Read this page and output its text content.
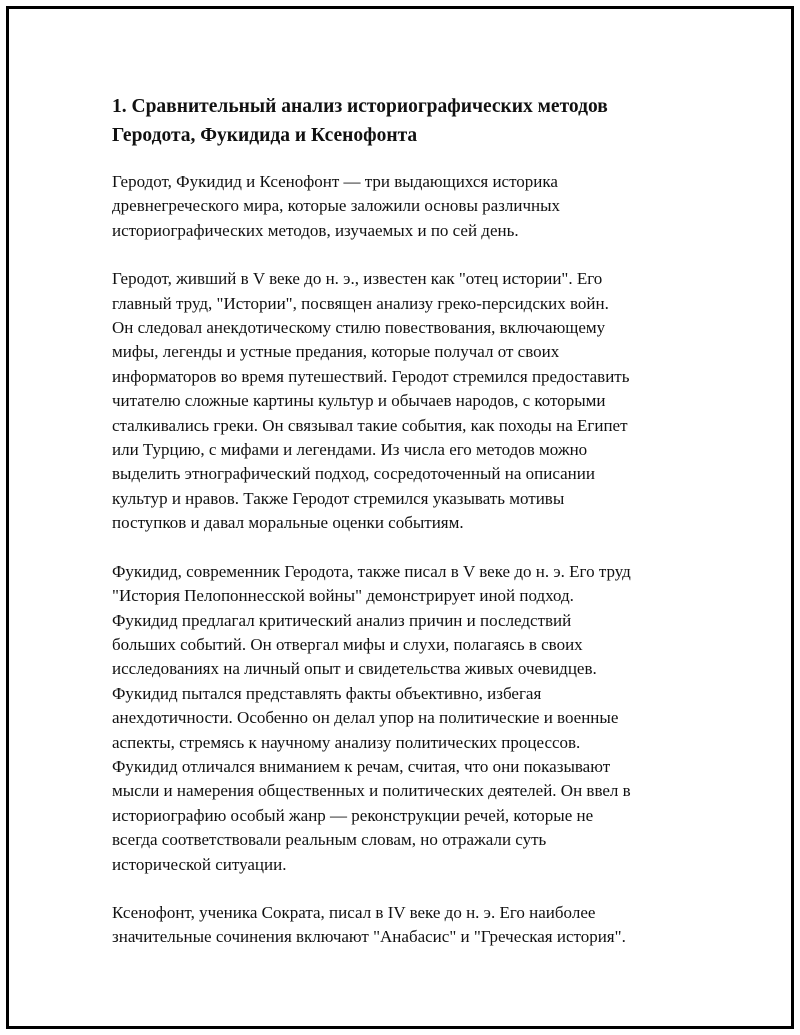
1. Сравнительный анализ историографических методов
Геродота, Фукидида и Ксенофонта

Геродот, Фукидид и Ксенофонт — три выдающихся историка
древнегреческого мира, которые заложили основы различных
историографических методов, изучаемых и по сей день.

Геродот, живший в V веке до н. э., известен как "отец истории". Его
главный труд, "Истории", посвящен анализу греко-персидских войн.
Он следовал анекдотическому стилю повествования, включающему
мифы, легенды и устные предания, которые получал от своих
информаторов во время путешествий. Геродот стремился предоставить
читателю сложные картины культур и обычаев народов, с которыми
сталкивались греки. Он связывал такие события, как походы на Египет
или Турцию, с мифами и легендами. Из числа его методов можно
выделить этнографический подход, сосредоточенный на описании
культур и нравов. Также Геродот стремился указывать мотивы
поступков и давал моральные оценки событиям.

Фукидид, современник Геродота, также писал в V веке до н. э. Его труд
"История Пелопоннесской войны" демонстрирует иной подход.
Фукидид предлагал критический анализ причин и последствий
больших событий. Он отвергал мифы и слухи, полагаясь в своих
исследованиях на личный опыт и свидетельства живых очевидцев.
Фукидид пытался представлять факты объективно, избегая
анехдотичности. Особенно он делал упор на политические и военные
аспекты, стремясь к научному анализу политических процессов.
Фукидид отличался вниманием к речам, считая, что они показывают
мысли и намерения общественных и политических деятелей. Он ввел в
историографию особый жанр — реконструкции речей, которые не
всегда соответствовали реальным словам, но отражали суть
исторической ситуации.

Ксенофонт, ученика Сократа, писал в IV веке до н. э. Его наиболее
значительные сочинения включают "Анабасис" и "Греческая история".
